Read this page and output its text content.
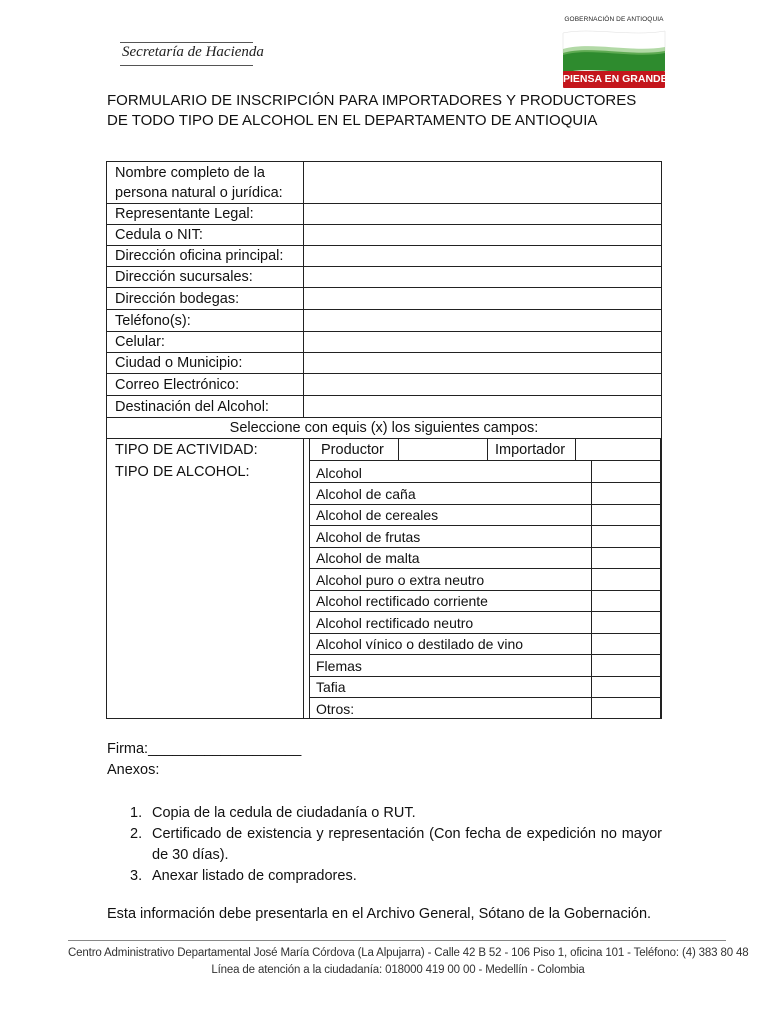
Secretaría de Hacienda
GOBERNACIÓN DE ANTIOQUIA
PIENSA EN GRANDE
FORMULARIO DE INSCRIPCIÓN PARA IMPORTADORES Y PRODUCTORES
DE TODO TIPO DE ALCOHOL EN EL DEPARTAMENTO DE ANTIOQUIA
Nombre completo de la
persona natural o jurídica:
Representante Legal:
Cedula o NIT:
Dirección oficina principal:
Dirección sucursales:
Dirección bodegas:
Teléfono(s):
Celular:
Ciudad o Municipio:
Correo Electrónico:
Destinación del Alcohol:
Seleccione con equis (x) los siguientes campos:
TIPO DE ACTIVIDAD:	Productor	Importador
TIPO DE ALCOHOL:	Alcohol
Alcohol de caña
Alcohol de cereales
Alcohol de frutas
Alcohol de malta
Alcohol puro o extra neutro
Alcohol rectificado corriente
Alcohol rectificado neutro
Alcohol vínico o destilado de vino
Flemas
Tafia
Otros:
Firma:___________________
Anexos:
1. Copia de la cedula de ciudadanía o RUT.
2. Certificado de existencia y representación (Con fecha de expedición no mayor de 30 días).
3. Anexar listado de compradores.
Esta información debe presentarla en el Archivo General, Sótano de la Gobernación.
Centro Administrativo Departamental José María Córdova (La Alpujarra) - Calle 42 B 52 - 106 Piso 1, oficina 101 - Teléfono: (4) 383 80 48
Línea de atención a la ciudadanía: 018000 419 00 00 - Medellín - Colombia
